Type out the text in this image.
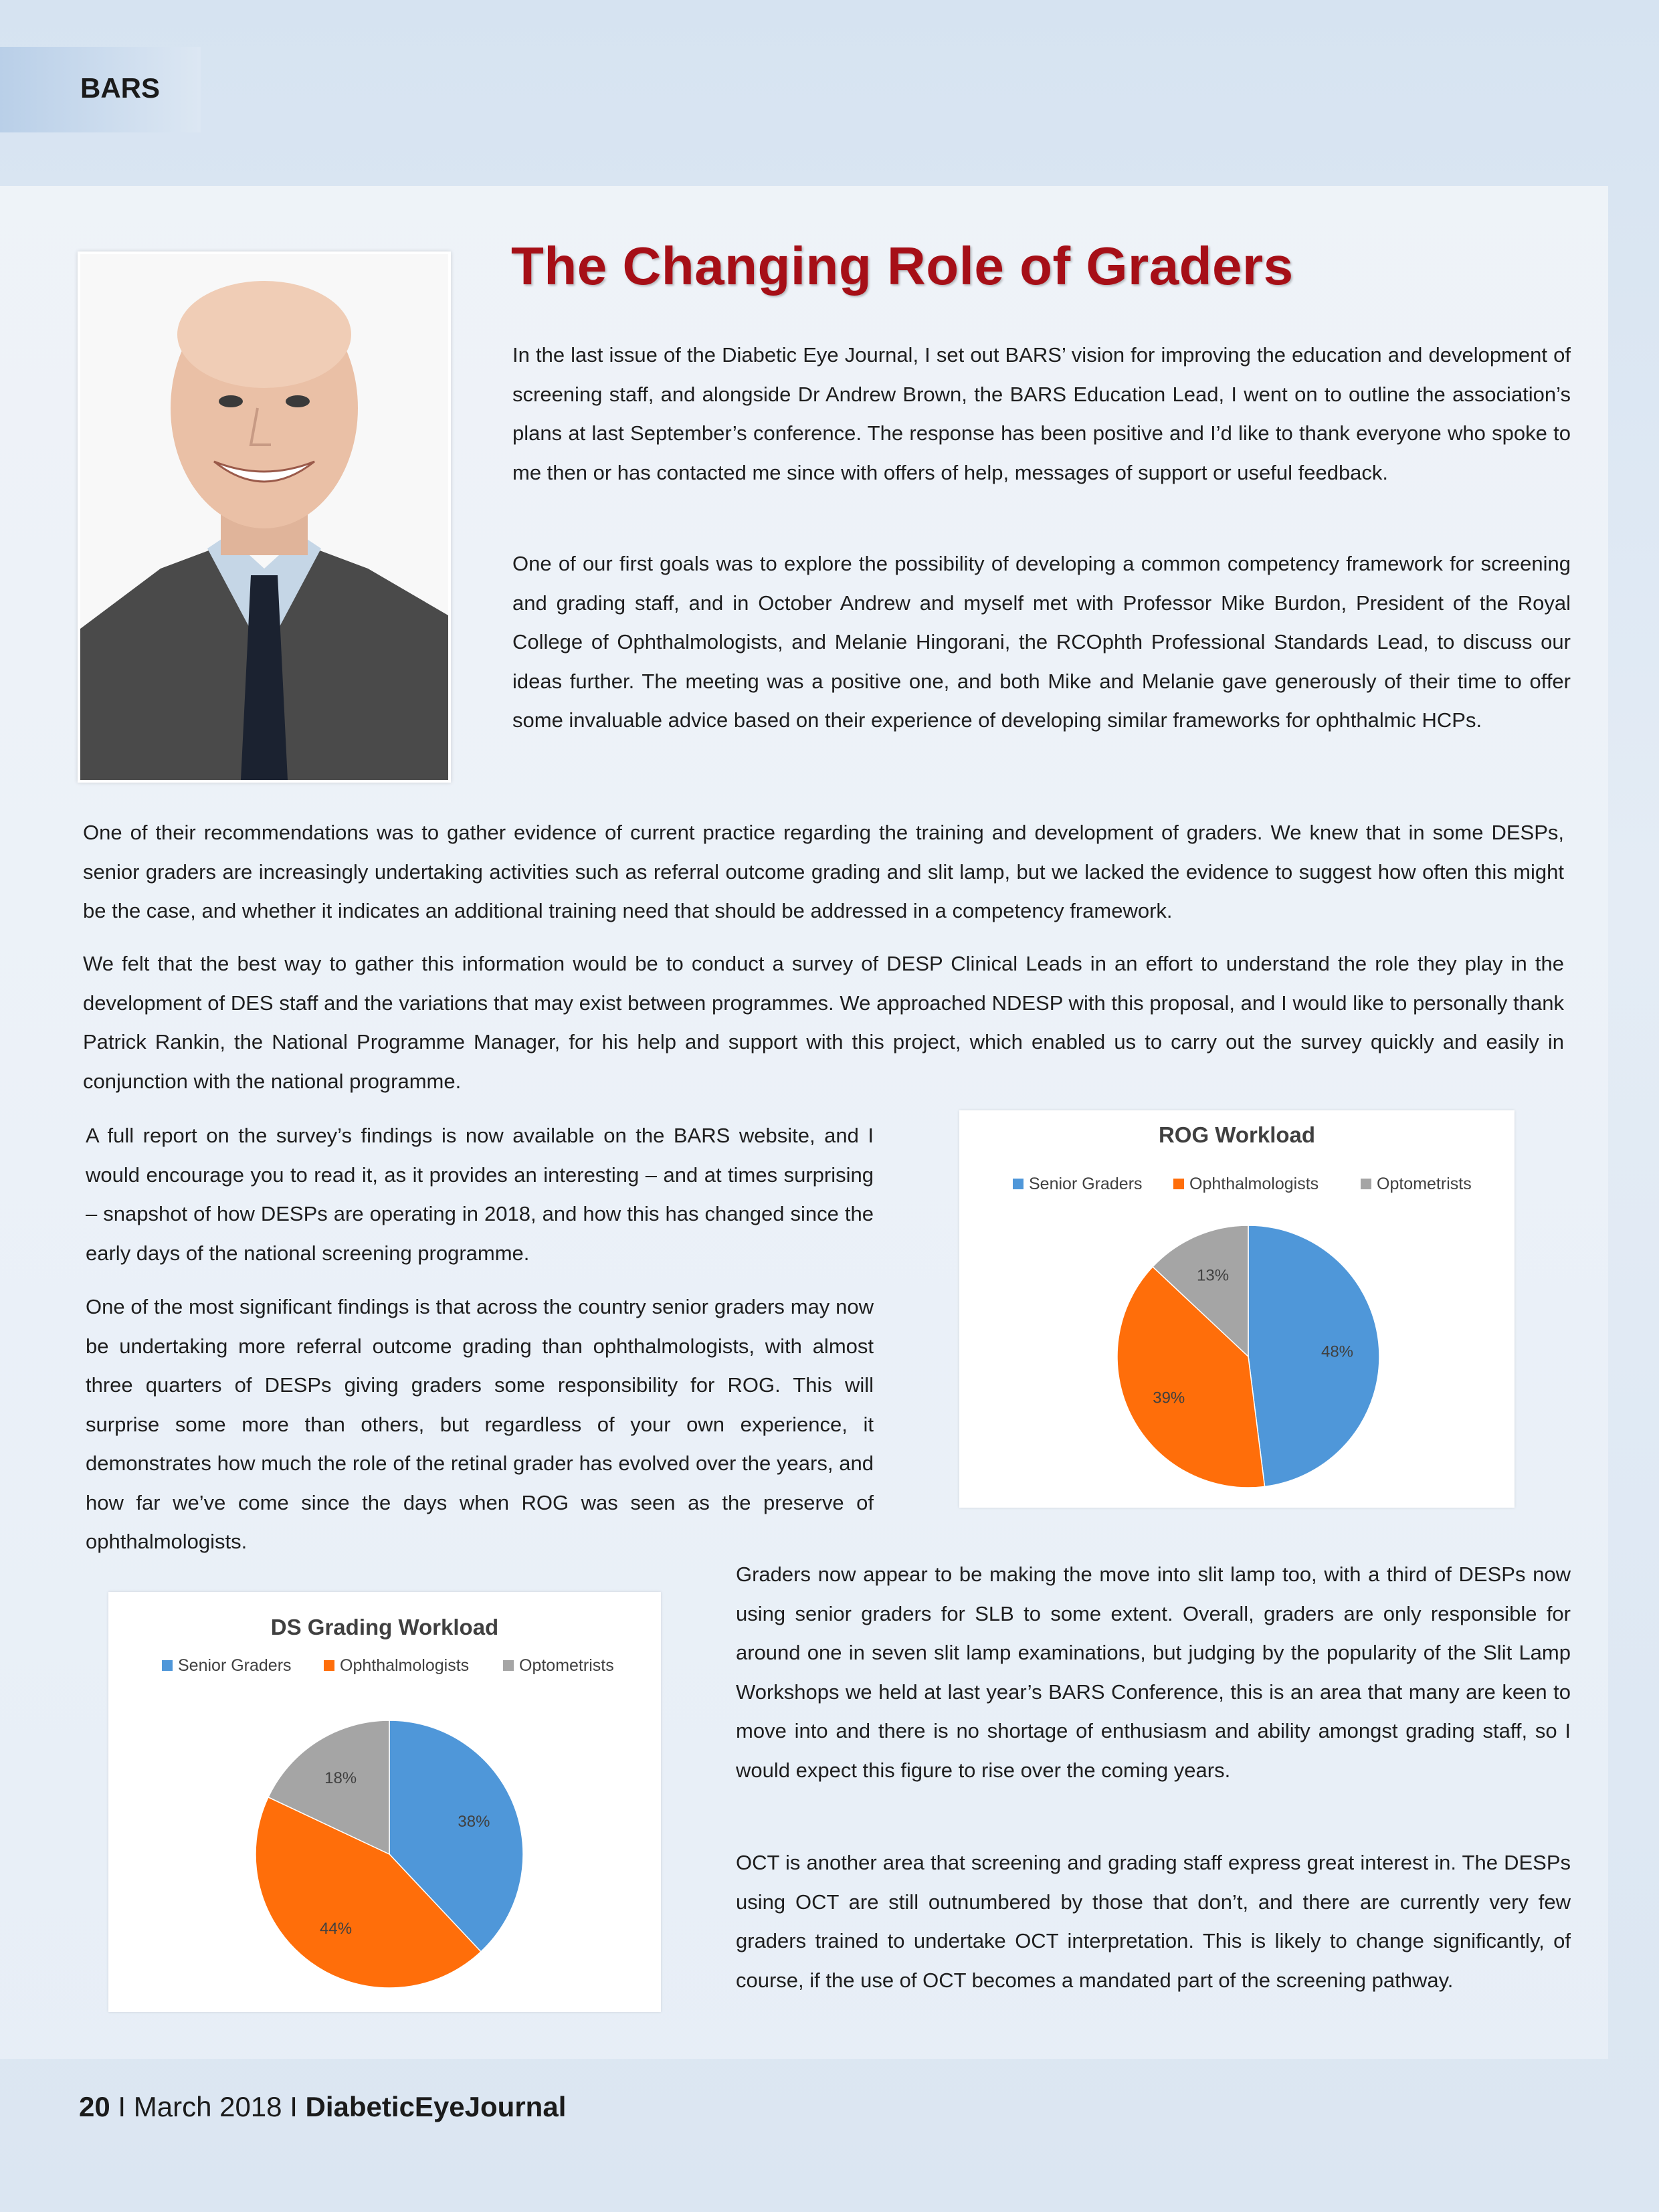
BARS
The Changing Role of Graders

In the last issue of the Diabetic Eye Journal, I set out BARS’ vision for improving the education and development of screening staff, and alongside Dr Andrew Brown, the BARS Education Lead, I went on to outline the association’s plans at last September’s conference. The response has been positive and I’d like to thank everyone who spoke to me then or has contacted me since with offers of help, messages of support or useful feedback.

One of our first goals was to explore the possibility of developing a common competency framework for screening and grading staff, and in October Andrew and myself met with Professor Mike Burdon, President of the Royal College of Ophthalmologists, and Melanie Hingorani, the RCOphth Professional Standards Lead, to discuss our ideas further. The meeting was a positive one, and both Mike and Melanie gave generously of their time to offer some invaluable advice based on their experience of developing similar frameworks for ophthalmic HCPs.

One of their recommendations was to gather evidence of current practice regarding the training and development of graders. We knew that in some DESPs, senior graders are increasingly undertaking activities such as referral outcome grading and slit lamp, but we lacked the evidence to suggest how often this might be the case, and whether it indicates an additional training need that should be addressed in a competency framework.

We felt that the best way to gather this information would be to conduct a survey of DESP Clinical Leads in an effort to understand the role they play in the development of DES staff and the variations that may exist between programmes. We approached NDESP with this proposal, and I would like to personally thank Patrick Rankin, the National Programme Manager, for his help and support with this project, which enabled us to carry out the survey quickly and easily in conjunction with the national programme.

A full report on the survey’s findings is now available on the BARS website, and I would encourage you to read it, as it provides an interesting – and at times surprising – snapshot of how DESPs are operating in 2018, and how this has changed since the early days of the national screening programme.

One of the most significant findings is that across the country senior graders may now be undertaking more referral outcome grading than ophthalmologists, with almost three quarters of DESPs giving graders some responsibility for ROG. This will surprise some more than others, but regardless of your own experience, it demonstrates how much the role of the retinal grader has evolved over the years, and how far we’ve come since the days when ROG was seen as the preserve of ophthalmologists.

Graders now appear to be making the move into slit lamp too, with a third of DESPs now using senior graders for SLB to some extent. Overall, graders are only responsible for around one in seven slit lamp examinations, but judging by the popularity of the Slit Lamp Workshops we held at last year’s BARS Conference, this is an area that many are keen to move into and there is no shortage of enthusiasm and ability amongst grading staff, so I would expect this figure to rise over the coming years.

OCT is another area that screening and grading staff express great interest in. The DESPs using OCT are still outnumbered by those that don’t, and there are currently very few graders trained to undertake OCT interpretation. This is likely to change significantly, of course, if the use of OCT becomes a mandated part of the screening pathway.

ROG Workload
Senior Graders	Ophthalmologists	Optometrists
48%
39%
13%
DS Grading Workload
Senior Graders	Ophthalmologists	Optometrists
38%
44%
18%
20 I March 2018 I DiabeticEyeJournal
